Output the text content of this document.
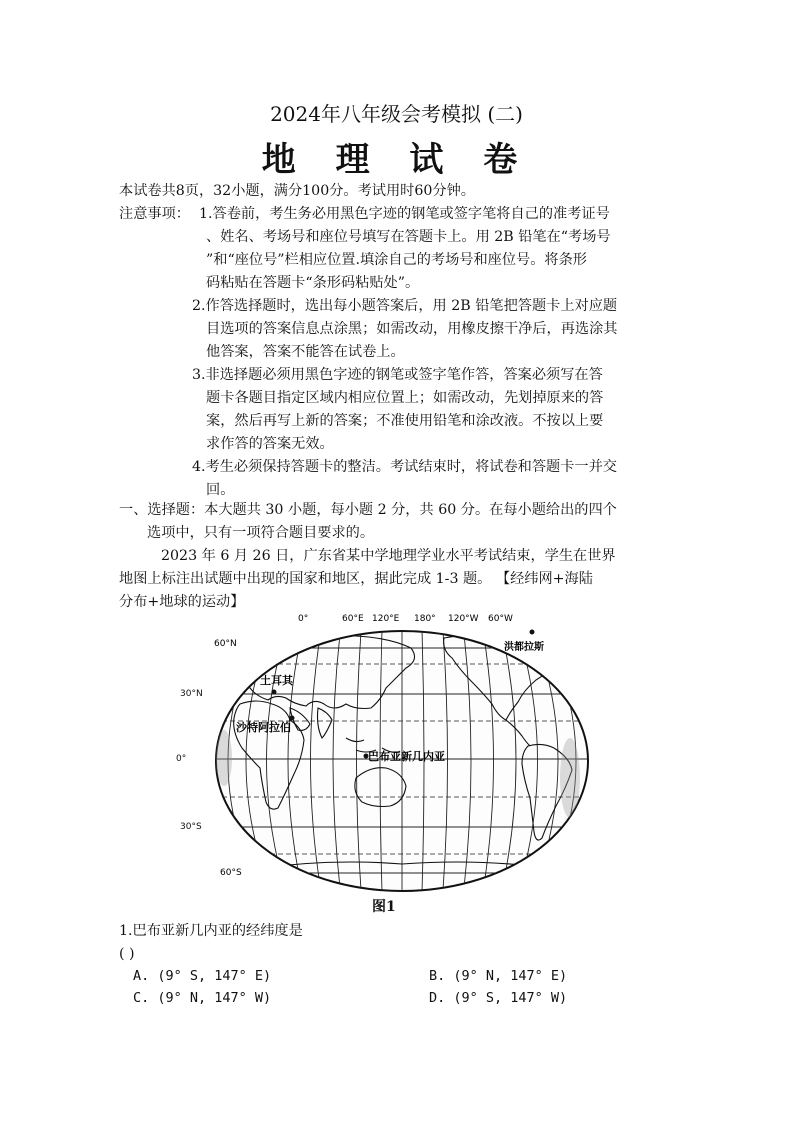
2024年八年级会考模拟 (二)
地 理 试 卷
本试卷共8页，32小题，满分100分。考试用时60分钟。
注意事项： 1.答卷前，考生务必用黑色字迹的钢笔或签字笔将自己的准考证号
、姓名、考场号和座位号填写在答题卡上。用 2B 铅笔在“考场号
”和“座位号”栏相应位置.填涂自己的考场号和座位号。将条形
码粘贴在答题卡“条形码粘贴处”。
2.作答选择题时，选出每小题答案后，用 2B 铅笔把答题卡上对应题
目选项的答案信息点涂黑；如需改动，用橡皮擦干净后，再选涂其
他答案，答案不能答在试卷上。
3.非选择题必须用黑色字迹的钢笔或签字笔作答，答案必须写在答
题卡各题目指定区域内相应位置上；如需改动，先划掉原来的答
案，然后再写上新的答案；不准使用铅笔和涂改液。不按以上要
求作答的答案无效。
4.考生必须保持答题卡的整洁。考试结束时，将试卷和答题卡一并交
回。
一、选择题：本大题共 30 小题，每小题 2 分，共 60 分。在每小题给出的四个
选项中，只有一项符合题目要求的。
2023 年 6 月 26 日，广东省某中学地理学业水平考试结束，学生在世界
地图上标注出试题中出现的国家和地区，据此完成 1-3 题。 【经纬网+海陆
分布+地球的运动】
0°	60°E 120°E 180° 120°W 60°W
60°N
60°S
土耳其
沙特阿拉伯
巴布亚新几内亚
洪都拉斯
30°N
0°
30°S
图1
1.巴布亚新几内亚的经纬度是
( )
A. (9° S, 147° E)	B. (9° N, 147° E)
C. (9° N, 147° W)	D. (9° S, 147° W)
